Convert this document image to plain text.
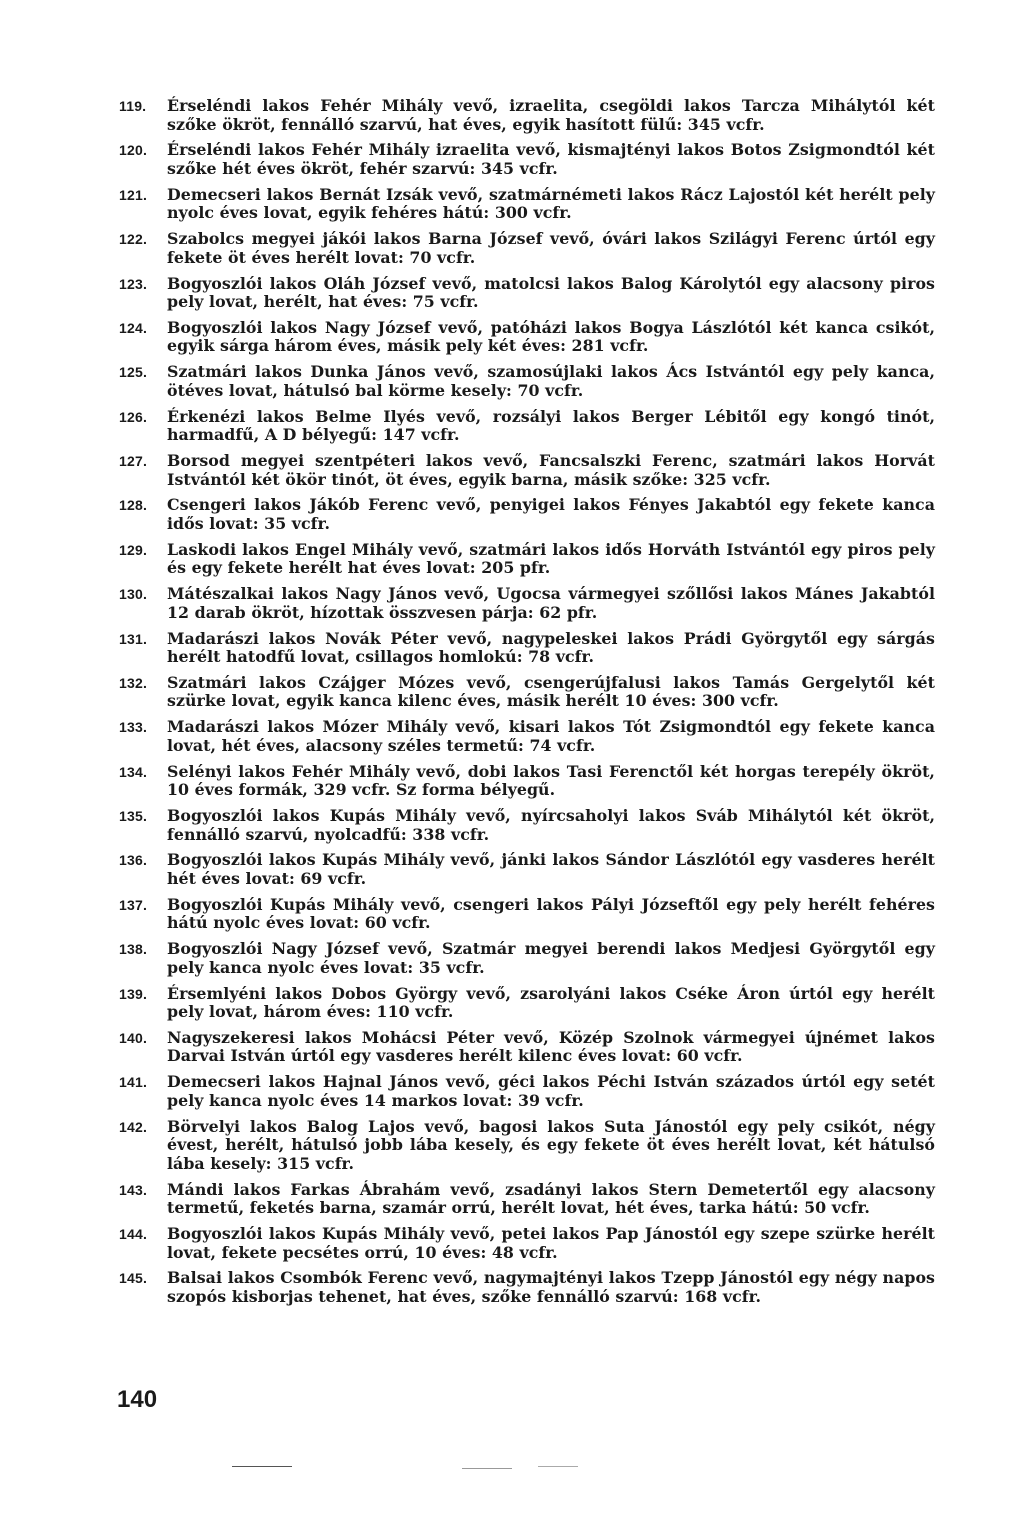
119.	Érseléndi lakos Fehér Mihály vevő, izraelita, csegöldi lakos Tarcza Mihálytól két szőke ökröt, fennálló szarvú, hat éves, egyik hasított fülű: 345 vcfr.
120.	Érseléndi lakos Fehér Mihály izraelita vevő, kismajtényi lakos Botos Zsigmondtól két szőke hét éves ökröt, fehér szarvú: 345 vcfr.
121.	Demecseri lakos Bernát Izsák vevő, szatmárnémeti lakos Rácz Lajostól két herélt pely nyolc éves lovat, egyik fehéres hátú: 300 vcfr.
122.	Szabolcs megyei jákói lakos Barna József vevő, óvári lakos Szilágyi Ferenc úrtól egy fekete öt éves herélt lovat: 70 vcfr.
123.	Bogyoszlói lakos Oláh József vevő, matolcsi lakos Balog Károlytól egy alacsony piros pely lovat, herélt, hat éves: 75 vcfr.
124.	Bogyoszlói lakos Nagy József vevő, patóházi lakos Bogya Lászlótól két kanca csikót, egyik sárga három éves, másik pely két éves: 281 vcfr.
125.	Szatmári lakos Dunka János vevő, szamosújlaki lakos Ács Istvántól egy pely kanca, ötéves lovat, hátulsó bal körme kesely: 70 vcfr.
126.	Érkenézi lakos Belme Ilyés vevő, rozsályi lakos Berger Lébitől egy kongó tinót, harmadfű, A D bélyegű: 147 vcfr.
127.	Borsod megyei szentpéteri lakos vevő, Fancsalszki Ferenc, szatmári lakos Horvát Istvántól két ökör tinót, öt éves, egyik barna, másik szőke: 325 vcfr.
128.	Csengeri lakos Jákób Ferenc vevő, penyigei lakos Fényes Jakabtól egy fekete kanca idős lovat: 35 vcfr.
129.	Laskodi lakos Engel Mihály vevő, szatmári lakos idős Horváth Istvántól egy piros pely és egy fekete herélt hat éves lovat: 205 pfr.
130.	Mátészalkai lakos Nagy János vevő, Ugocsa vármegyei szőllősi lakos Mánes Jakabtól 12 darab ökröt, hízottak összvesen párja: 62 pfr.
131.	Madarászi lakos Novák Péter vevő, nagypeleskei lakos Prádi Györgytől egy sárgás herélt hatodfű lovat, csillagos homlokú: 78 vcfr.
132.	Szatmári lakos Czájger Mózes vevő, csengerújfalusi lakos Tamás Gergelytől két szürke lovat, egyik kanca kilenc éves, másik herélt 10 éves: 300 vcfr.
133.	Madarászi lakos Mózer Mihály vevő, kisari lakos Tót Zsigmondtól egy fekete kanca lovat, hét éves, alacsony széles termetű: 74 vcfr.
134.	Selényi lakos Fehér Mihály vevő, dobi lakos Tasi Ferenctől két horgas terepély ökröt, 10 éves formák, 329 vcfr. Sz forma bélyegű.
135.	Bogyoszlói lakos Kupás Mihály vevő, nyírcsaholyi lakos Sváb Mihálytól két ökröt, fennálló szarvú, nyolcadfű: 338 vcfr.
136.	Bogyoszlói lakos Kupás Mihály vevő, jánki lakos Sándor Lászlótól egy vasderes herélt hét éves lovat: 69 vcfr.
137.	Bogyoszlói Kupás Mihály vevő, csengeri lakos Pályi Józseftől egy pely herélt fehéres hátú nyolc éves lovat: 60 vcfr.
138.	Bogyoszlói Nagy József vevő, Szatmár megyei berendi lakos Medjesi Györgytől egy pely kanca nyolc éves lovat: 35 vcfr.
139.	Érsemlyéni lakos Dobos György vevő, zsarolyáni lakos Cséke Áron úrtól egy herélt pely lovat, három éves: 110 vcfr.
140.	Nagyszekeresi lakos Mohácsi Péter vevő, Közép Szolnok vármegyei újnémet lakos Darvai István úrtól egy vasderes herélt kilenc éves lovat: 60 vcfr.
141.	Demecseri lakos Hajnal János vevő, géci lakos Péchi István százados úrtól egy setét pely kanca nyolc éves 14 markos lovat: 39 vcfr.
142.	Börvelyi lakos Balog Lajos vevő, bagosi lakos Suta Jánostól egy pely csikót, négy évest, herélt, hátulsó jobb lába kesely, és egy fekete öt éves herélt lovat, két hátulsó lába kesely: 315 vcfr.
143.	Mándi lakos Farkas Ábrahám vevő, zsadányi lakos Stern Demetertől egy alacsony termetű, feketés barna, szamár orrú, herélt lovat, hét éves, tarka hátú: 50 vcfr.
144.	Bogyoszlói lakos Kupás Mihály vevő, petei lakos Pap Jánostól egy szepe szürke herélt lovat, fekete pecsétes orrú, 10 éves: 48 vcfr.
145.	Balsai lakos Csombók Ferenc vevő, nagymajtényi lakos Tzepp Jánostól egy négy napos szopós kisborjas tehenet, hat éves, szőke fennálló szarvú: 168 vcfr.
140
